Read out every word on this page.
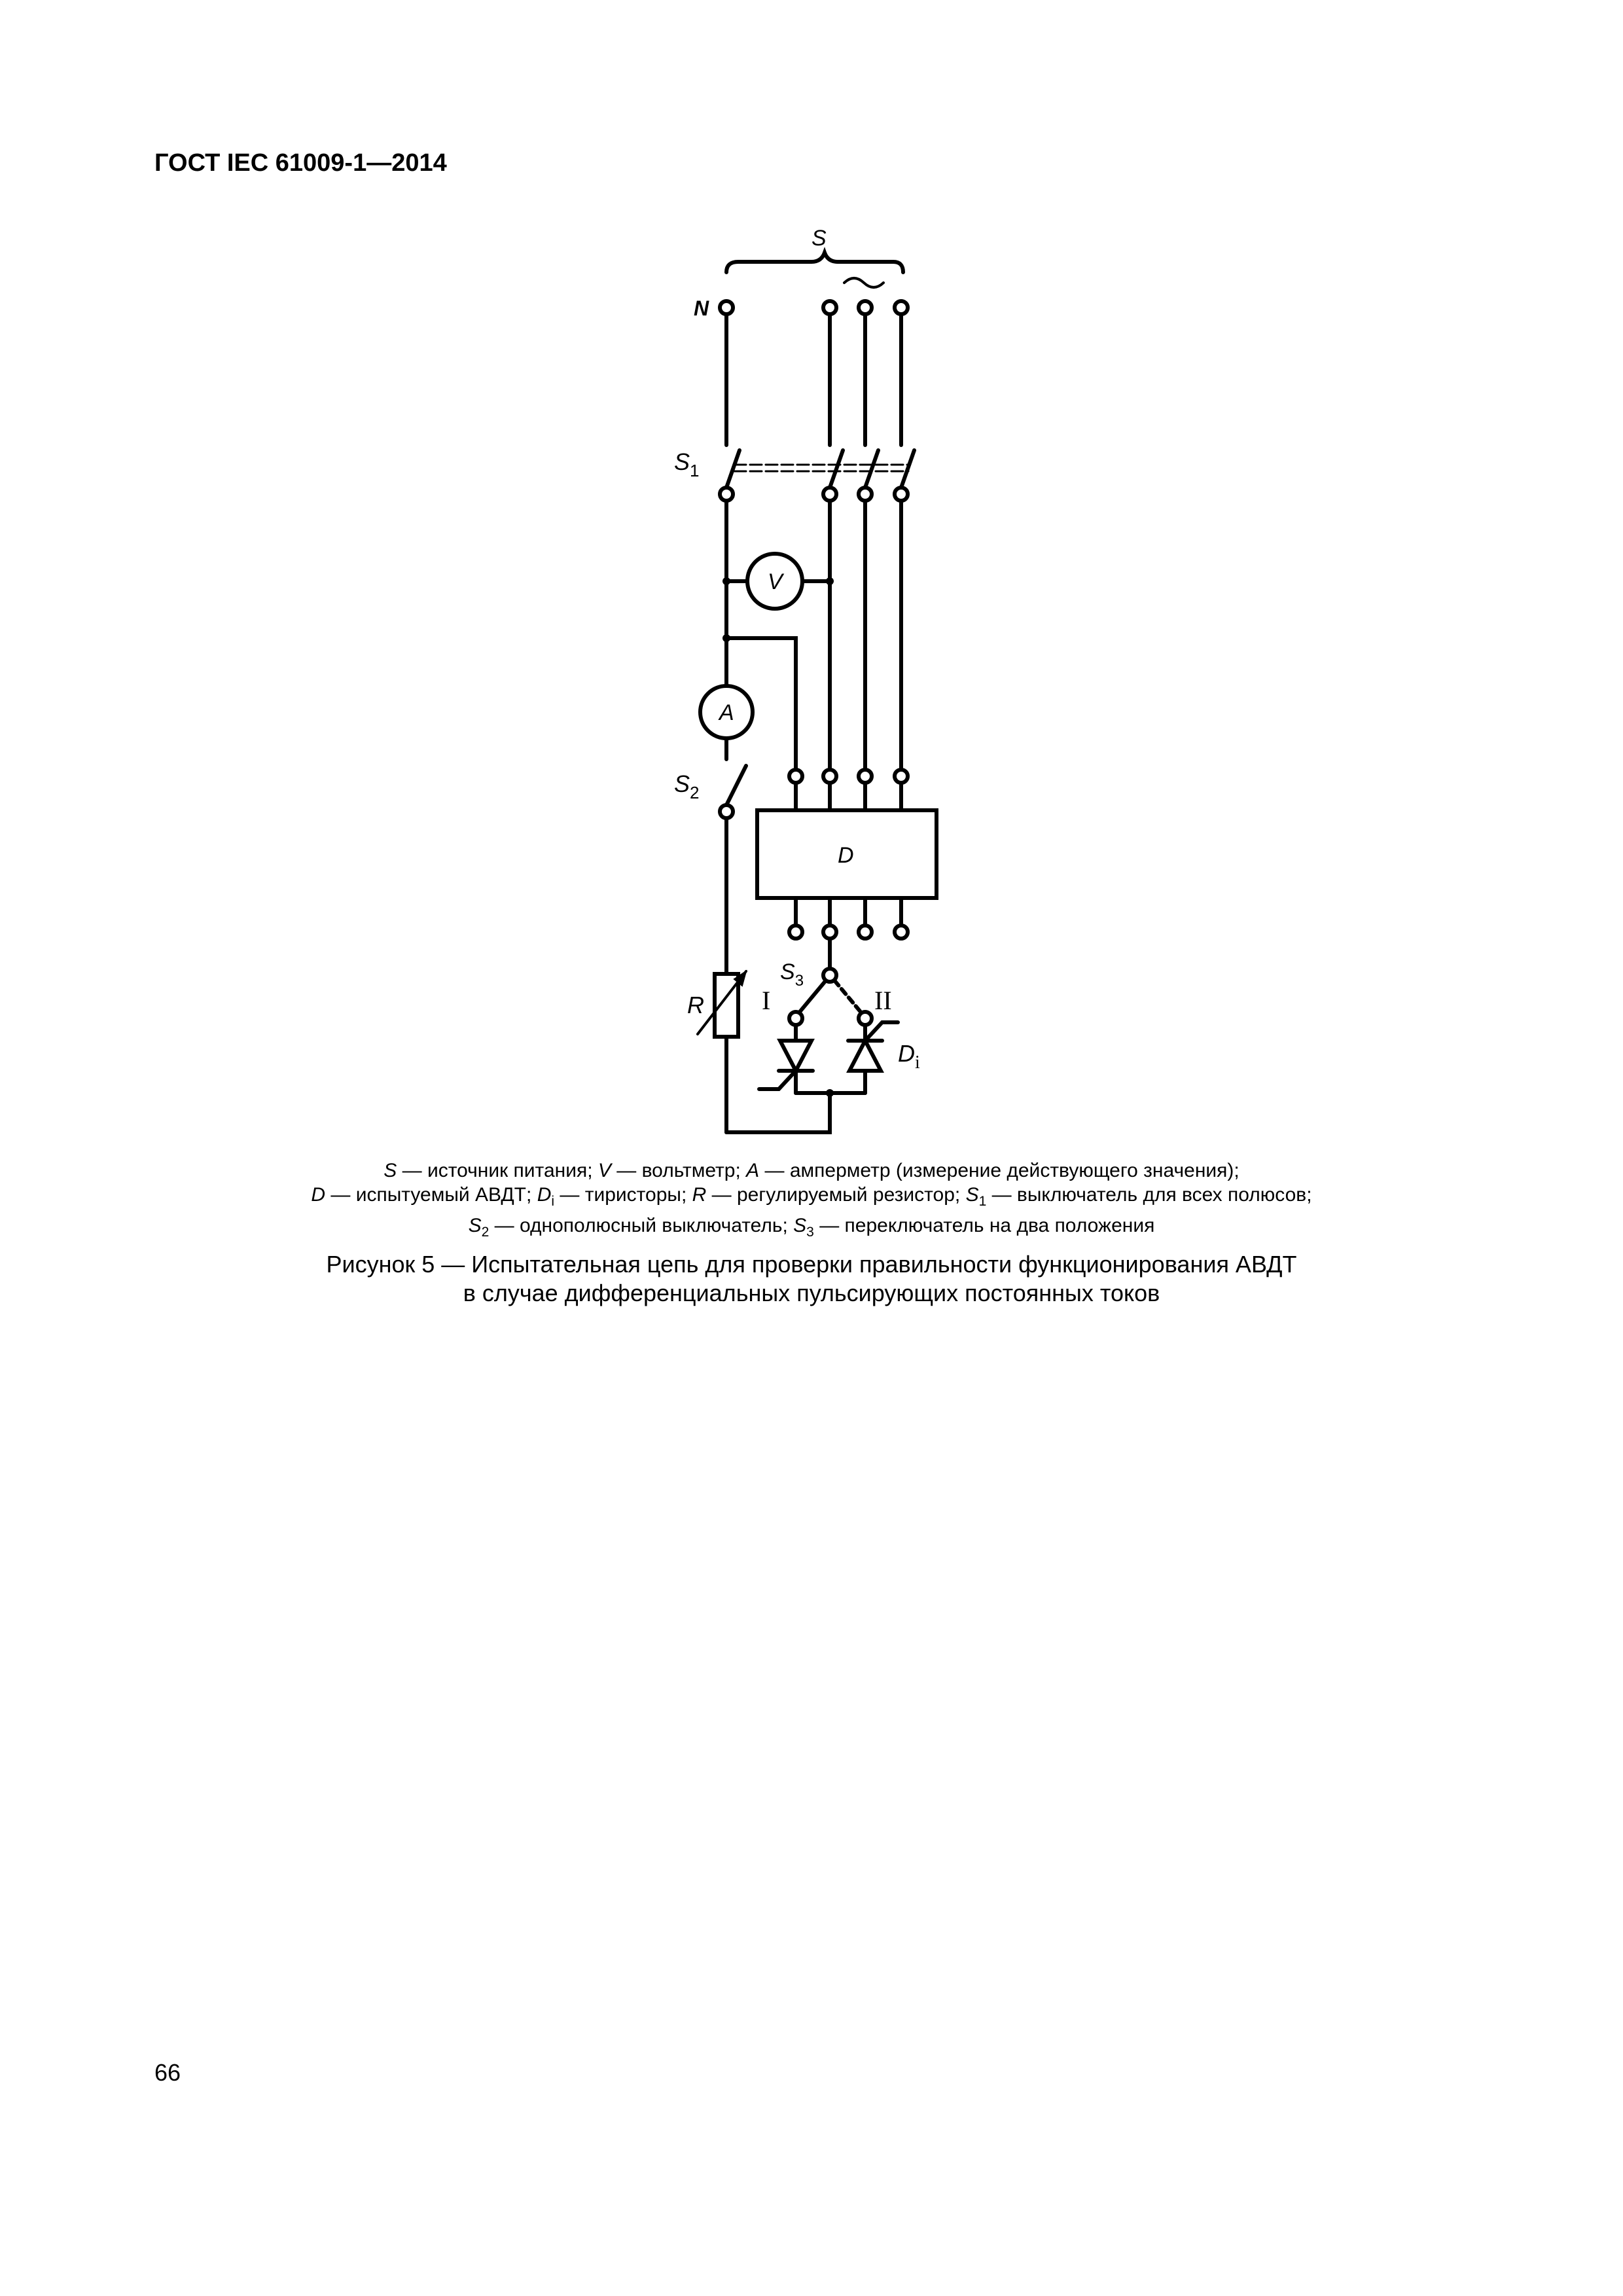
ГОСТ IEC 61009-1—2014
S
N
$S_1$
V
A
$S_2$
D
$S_3$
R I	II
$D_i$
S — источник питания; V — вольтметр; A — амперметр (измерение действующего значения);
D — испытуемый АВДТ; $D_i$ — тиристоры; R — регулируемый резистор; $S_1$ — выключатель для всех полюсов;
$S_2$ — однополюсный выключатель; $S_3$ — переключатель на два положения
Рисунок 5 — Испытательная цепь для проверки правильности функционирования АВДТ
в случае дифференциальных пульсирующих постоянных токов
66
